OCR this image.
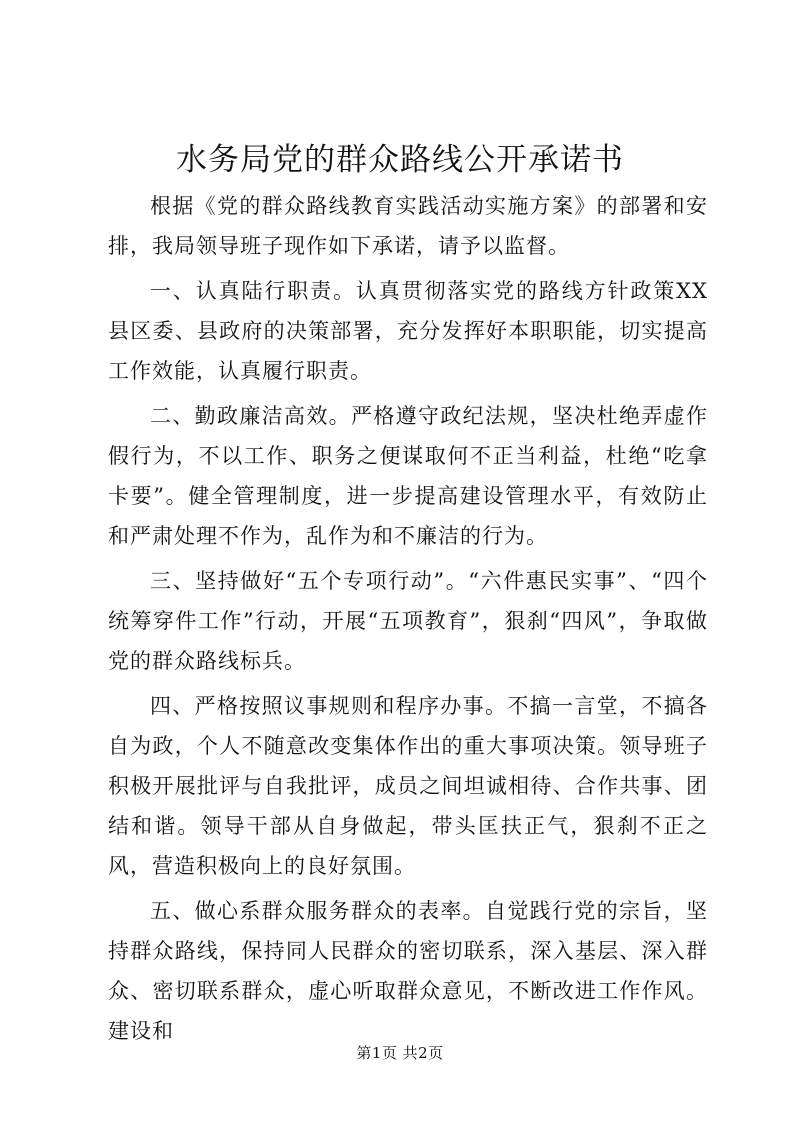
水务局党的群众路线公开承诺书

根据《党的群众路线教育实践活动实施方案》的部署和安排，我局领导班子现作如下承诺，请予以监督。

一、认真陆行职责。认真贯彻落实党的路线方针政策XX县区委、县政府的决策部署，充分发挥好本职职能，切实提高工作效能，认真履行职责。

二、勤政廉洁高效。严格遵守政纪法规，坚决杜绝弄虚作假行为，不以工作、职务之便谋取何不正当利益，杜绝“吃拿卡要”。健全管理制度，进一步提高建设管理水平，有效防止和严肃处理不作为，乱作为和不廉洁的行为。

三、坚持做好“五个专项行动”。“六件惠民实事”、“四个统筹穿件工作”行动，开展“五项教育”，狠刹“四风”，争取做党的群众路线标兵。

四、严格按照议事规则和程序办事。不搞一言堂，不搞各自为政，个人不随意改变集体作出的重大事项决策。领导班子积极开展批评与自我批评，成员之间坦诚相待、合作共事、团结和谐。领导干部从自身做起，带头匡扶正气，狠刹不正之风，营造积极向上的良好氛围。

五、做心系群众服务群众的表率。自觉践行党的宗旨，坚持群众路线，保持同人民群众的密切联系，深入基层、深入群众、密切联系群众，虚心听取群众意见，不断改进工作作风。建设和

第1页 共2页
